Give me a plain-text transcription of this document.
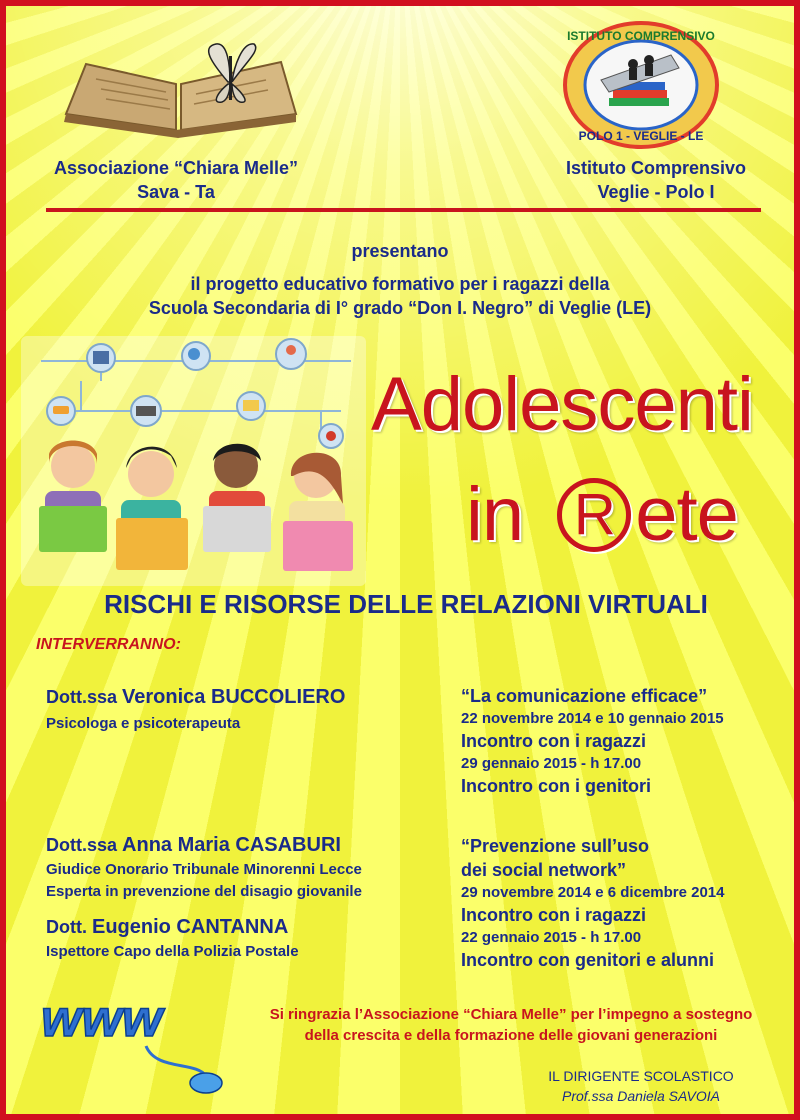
ISTITUTO COMPRENSIVO
POLO 1 - VEGLIE - LE
Associazione “Chiara Melle”
Sava - Ta
Istituto Comprensivo
Veglie - Polo I
presentano
il progetto educativo formativo per i ragazzi della
Scuola Secondaria di I° grado “Don I. Negro” di Veglie (LE)
Adolescenti
in R ete
RISCHI E RISORSE DELLE RELAZIONI VIRTUALI
INTERVERRANNO:
Dott.ssa Veronica BUCCOLIERO
Psicologa e psicoterapeuta
Dott.ssa Anna Maria CASABURI
Giudice Onorario Tribunale Minorenni Lecce
Esperta in prevenzione del disagio giovanile
Dott. Eugenio CANTANNA
Ispettore Capo della Polizia Postale
“La comunicazione efficace”
22 novembre 2014 e 10 gennaio 2015
Incontro con i ragazzi
29 gennaio 2015 - h 17.00
Incontro con i genitori
“Prevenzione sull’uso
dei social network”
29 novembre 2014 e 6 dicembre 2014
Incontro con i ragazzi
22 gennaio 2015 - h 17.00
Incontro con genitori e alunni
www	Si ringrazia l’Associazione “Chiara Melle” per l’impegno a sostegno
della crescita e della formazione delle giovani generazioni
IL DIRIGENTE SCOLASTICO
Prof.ssa Daniela SAVOIA
